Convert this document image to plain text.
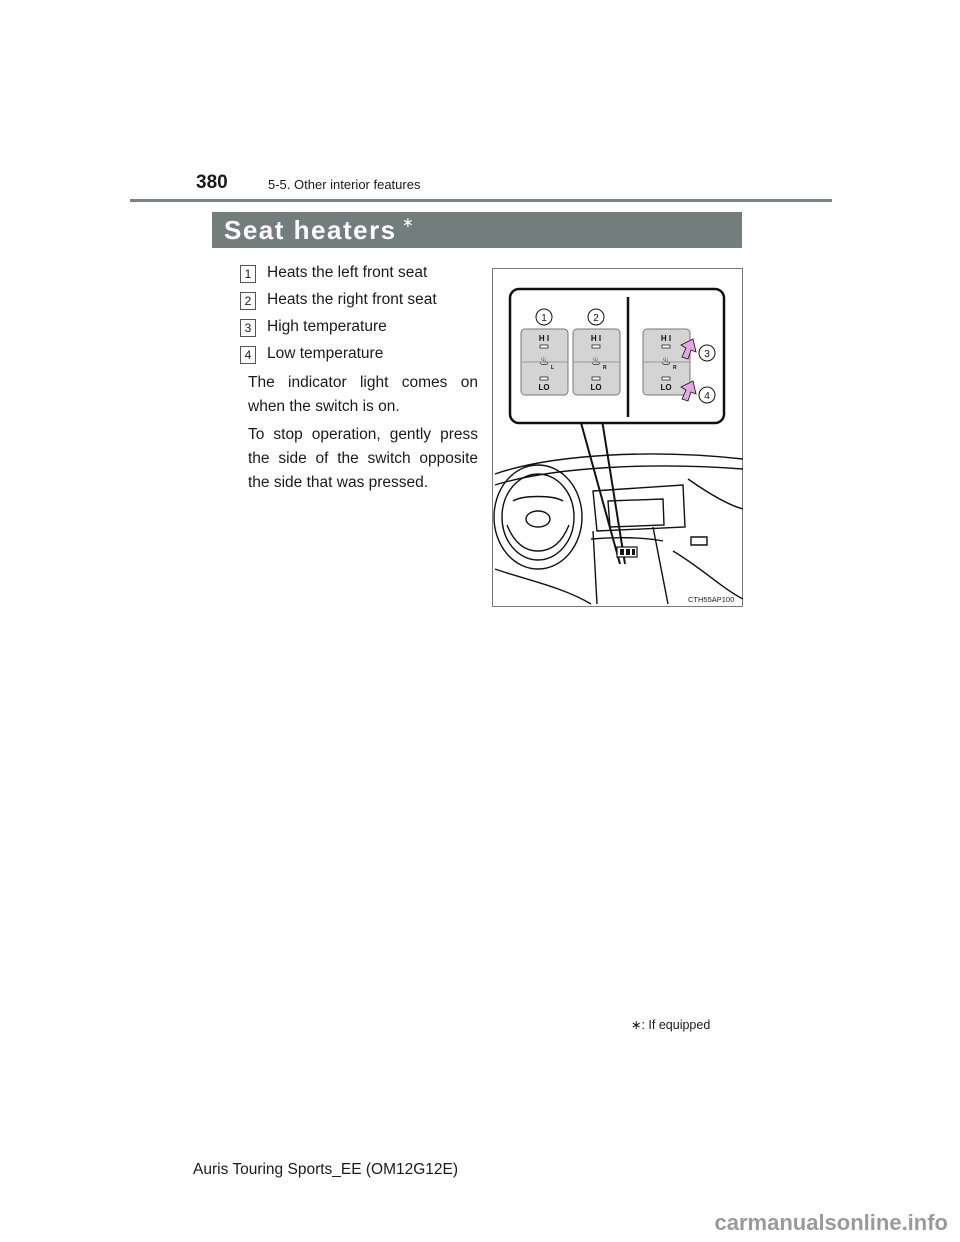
380	5-5. Other interior features
Seat heaters ∗
1	Heats the left front seat
2	Heats the right front seat
3	High temperature
4	Low temperature

The indicator light comes on when the switch is on.

To stop operation, gently press the side of the switch opposite the side that was pressed.

H I
♨ L
LO
H I
♨ R
LO
H I
♨ R
LO
1	2
3
4
CTH55AP100
∗: If equipped
Auris Touring Sports_EE (OM12G12E)
carmanualsonline.info
